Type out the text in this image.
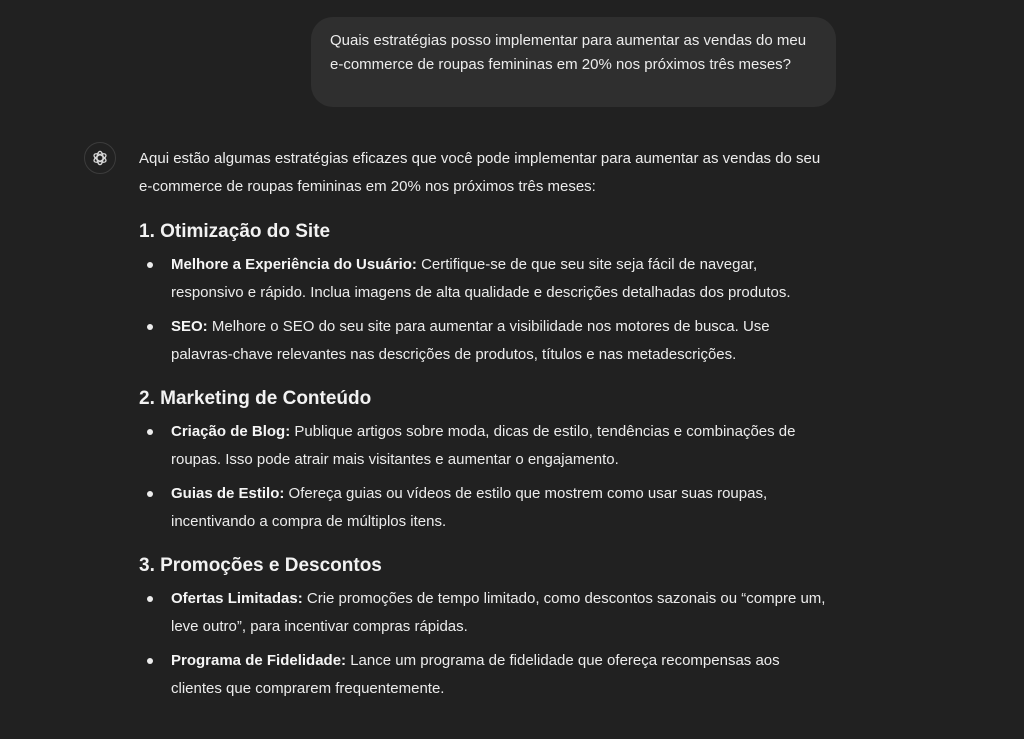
Quais estratégias posso implementar para aumentar as vendas do meu e-commerce de roupas femininas em 20% nos próximos três meses?

Aqui estão algumas estratégias eficazes que você pode implementar para aumentar as vendas do seu e-commerce de roupas femininas em 20% nos próximos três meses:

1. Otimização do Site
Melhore a Experiência do Usuário: Certifique-se de que seu site seja fácil de navegar, responsivo e rápido. Inclua imagens de alta qualidade e descrições detalhadas dos produtos.
SEO: Melhore o SEO do seu site para aumentar a visibilidade nos motores de busca. Use palavras-chave relevantes nas descrições de produtos, títulos e nas metadescrições.
2. Marketing de Conteúdo
Criação de Blog: Publique artigos sobre moda, dicas de estilo, tendências e combinações de roupas. Isso pode atrair mais visitantes e aumentar o engajamento.
Guias de Estilo: Ofereça guias ou vídeos de estilo que mostrem como usar suas roupas, incentivando a compra de múltiplos itens.
3. Promoções e Descontos
Ofertas Limitadas: Crie promoções de tempo limitado, como descontos sazonais ou “compre um, leve outro”, para incentivar compras rápidas.
Programa de Fidelidade: Lance um programa de fidelidade que ofereça recompensas aos clientes que comprarem frequentemente.
